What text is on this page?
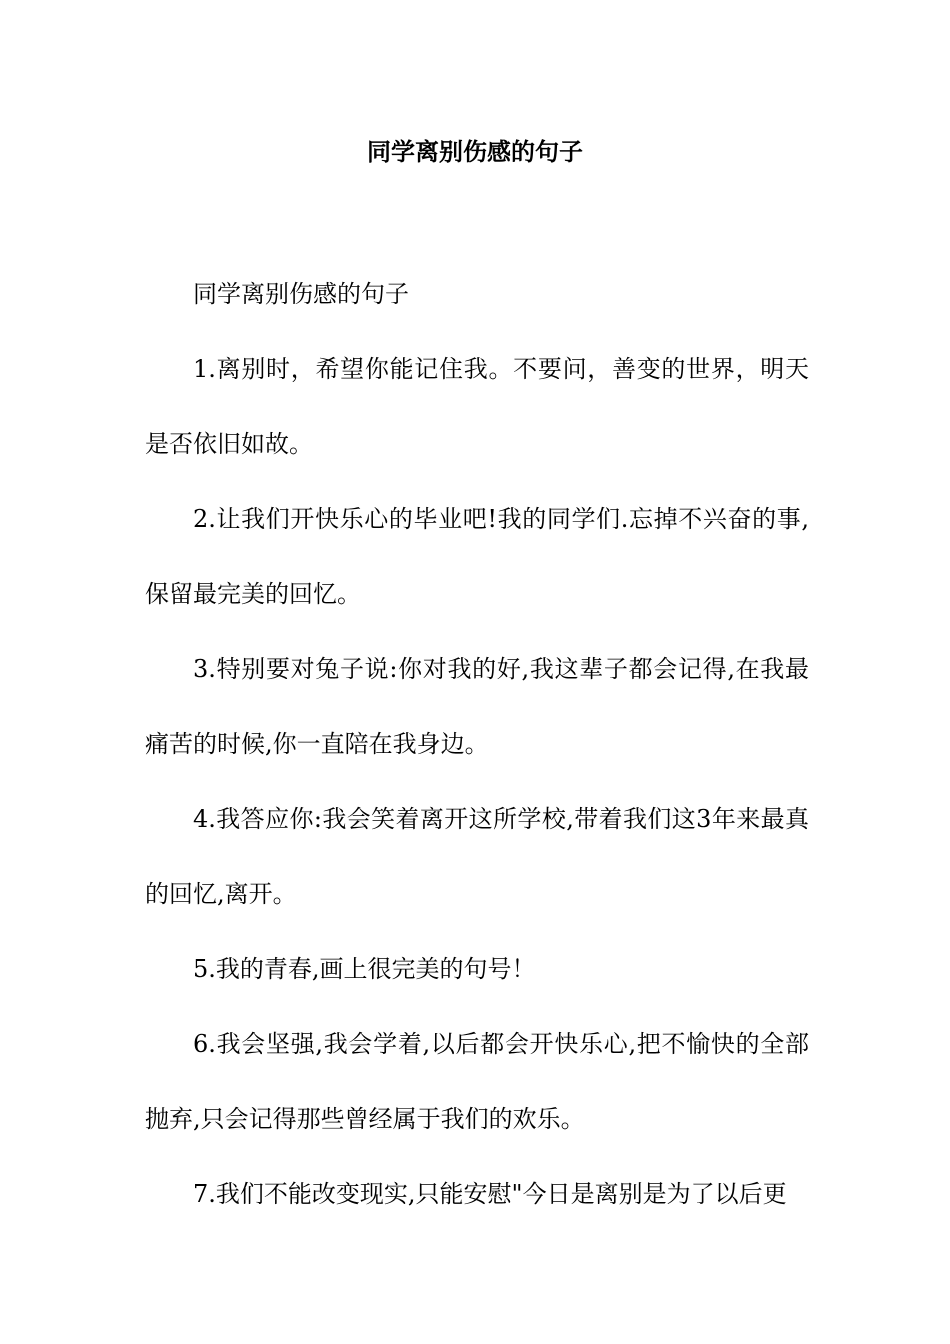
同学离别伤感的句子

同学离别伤感的句子

1.离别时，希望你能记住我。不要问，善变的世界，明天是否依旧如故。

2.让我们开快乐心的毕业吧!我的同学们.忘掉不兴奋的事,保留最完美的回忆。

3.特别要对兔子说:你对我的好,我这辈子都会记得,在我最痛苦的时候,你一直陪在我身边。

4.我答应你:我会笑着离开这所学校,带着我们这3年来最真的回忆,离开。

5.我的青春,画上很完美的句号！

6.我会坚强,我会学着,以后都会开快乐心,把不愉快的全部抛弃,只会记得那些曾经属于我们的欢乐。

7.我们不能改变现实,只能安慰"今日是离别是为了以后更
